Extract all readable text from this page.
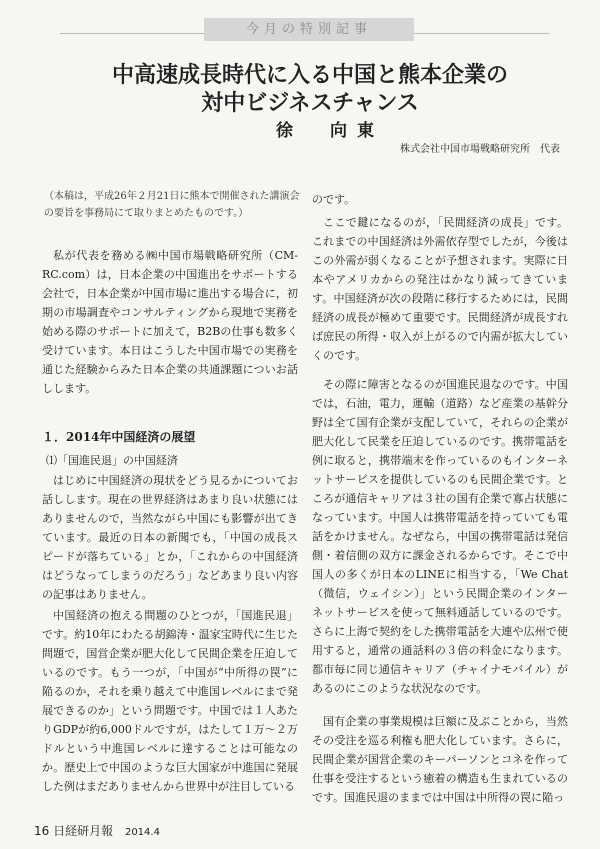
今月の特別記事
中高速成長時代に入る中国と熊本企業の
対中ビジネスチャンス
徐　向東
株式会社中国市場戦略研究所　代表
（本稿は，平成26年２月21日に熊本で開催された講演会の要旨を事務局にて取りまとめたものです。）

私が代表を務める㈱中国市場戦略研究所（CM-RC.com）は，日本企業の中国進出をサポートする会社で，日本企業が中国市場に進出する場合に，初期の市場調査やコンサルティングから現地で実務を始める際のサポートに加えて，B2Bの仕事も数多く受けています。本日はこうした中国市場での実務を通じた経験からみた日本企業の共通課題についお話しします。

１．2014年中国経済の展望
⑴「国進民退」の中国経済

はじめに中国経済の現状をどう見るかについてお話しします。現在の世界経済はあまり良い状態にはありませんので，当然ながら中国にも影響が出てきています。最近の日本の新聞でも，「中国の成長スピードが落ちている」とか，「これからの中国経済はどうなってしまうのだろう」などあまり良い内容の記事はありません。

中国経済の抱える問題のひとつが，「国進民退」です。約10年にわたる胡錦涛・温家宝時代に生じた問題で，国営企業が肥大化して民間企業を圧迫しているのです。もう一つが，「中国が“中所得の罠”に陥るのか，それを乗り越えて中進国レベルにまで発展できるのか」という問題です。中国では１人あたりGDPが約6,000ドルですが，はたして１万〜２万ドルという中進国レベルに達することは可能なのか。歴史上で中国のような巨大国家が中進国に発展した例はまだありませんから世界中が注目している

のです。

ここで鍵になるのが，「民間経済の成長」です。これまでの中国経済は外需依存型でしたが，今後はこの外需が弱くなることが予想されます。実際に日本やアメリカからの発注はかなり減ってきています。中国経済が次の段階に移行するためには，民間経済の成長が極めて重要です。民間経済が成長すれば庶民の所得・収入が上がるので内需が拡大していくのです。

その際に障害となるのが国進民退なのです。中国では，石油，電力，運輸（道路）など産業の基幹分野は全て国有企業が支配していて，それらの企業が肥大化して民業を圧迫しているのです。携帯電話を例に取ると，携帯端末を作っているのもインターネットサービスを提供しているのも民間企業です。ところが通信キャリアは３社の国有企業で寡占状態になっています。中国人は携帯電話を持っていても電話をかけません。なぜなら，中国の携帯電話は発信側・着信側の双方に課金されるからです。そこで中国人の多くが日本のLINEに相当する，「We Chat（微信，ウェイシン）」という民間企業のインターネットサービスを使って無料通話しているのです。さらに上海で契約をした携帯電話を大連や広州で使用すると，通常の通話料の３倍の料金になります。都市毎に同じ通信キャリア（チャイナモバイル）があるのにこのような状況なのです。

国有企業の事業規模は巨額に及ぶことから，当然その受注を巡る利権も肥大化しています。さらに，民間企業が国営企業のキーパーソンとコネを作って仕事を受注するという癒着の構造も生まれているのです。国進民退のままでは中国は中所得の罠に陥っ

16 日経研月報 2014.4
